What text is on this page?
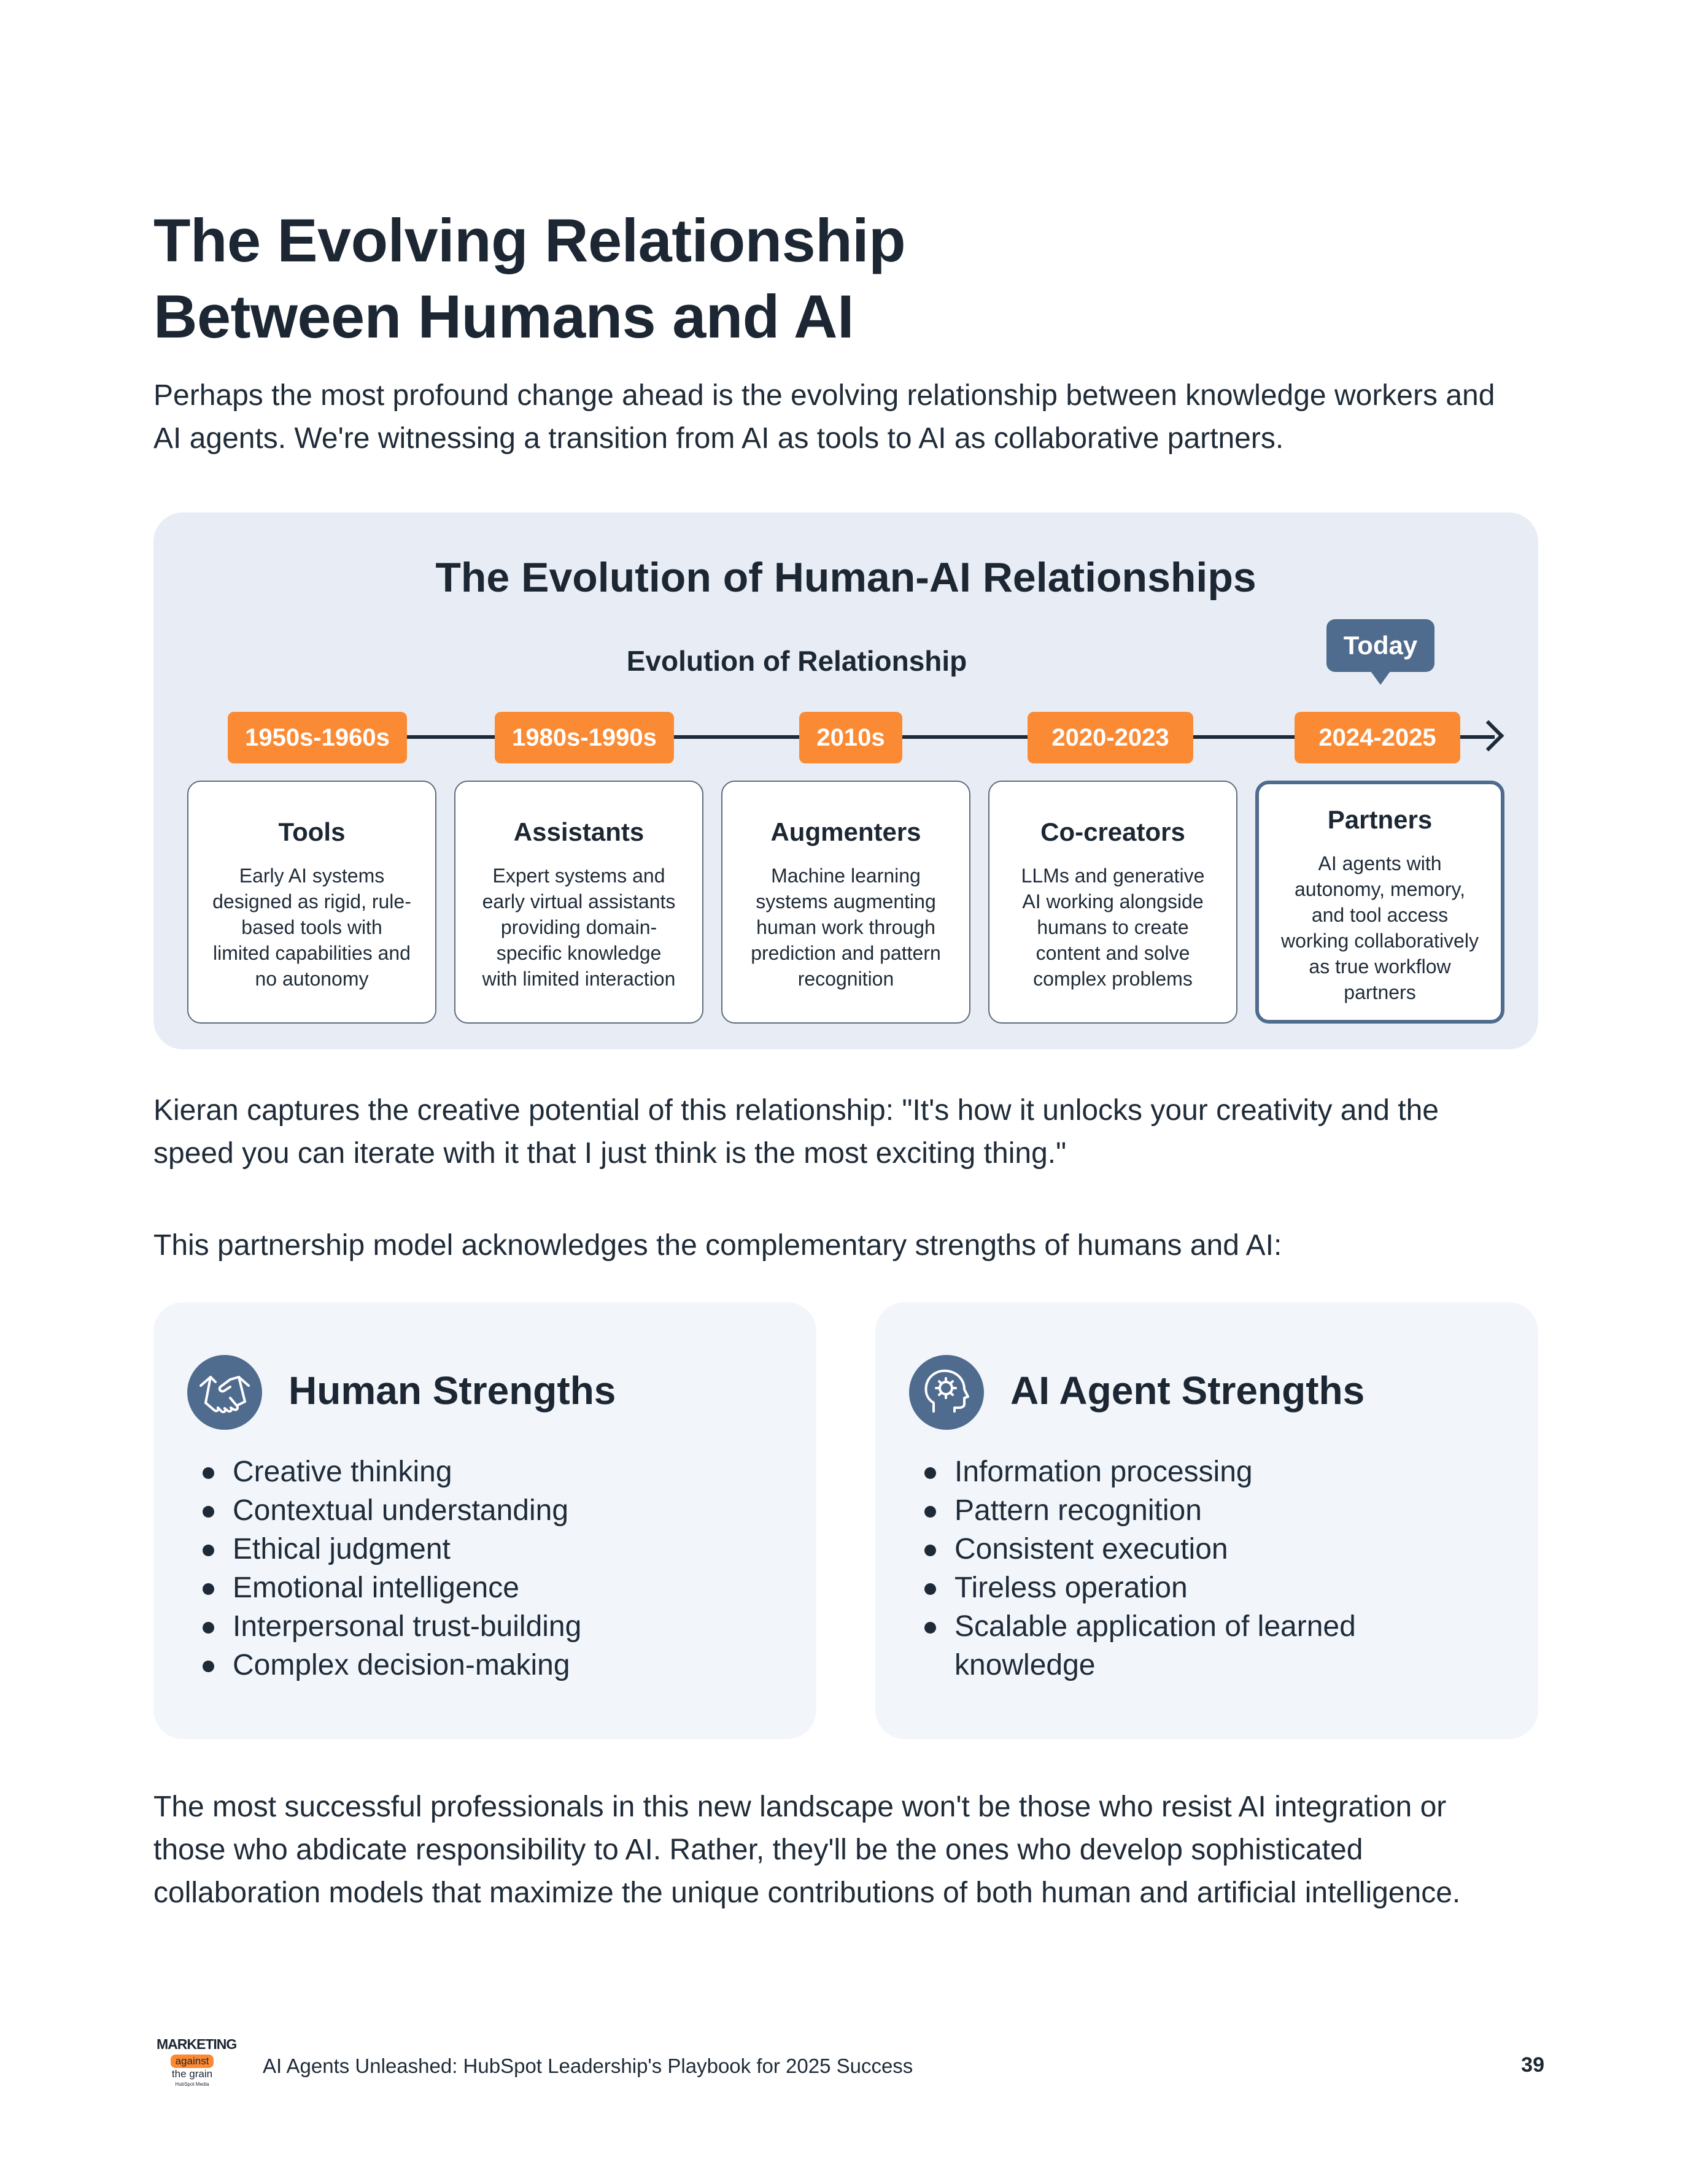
The Evolving Relationship
Between Humans and AI
Perhaps the most profound change ahead is the evolving relationship between knowledge workers and
AI agents. We're witnessing a transition from AI as tools to AI as collaborative partners.
The Evolution of Human-AI Relationships
Evolution of Relationship	Today
1950s-1960s	1980s-1990s	2010s	2020-2023	2024-2025
Tools
Early AI systems
designed as rigid, rule-
based tools with
limited capabilities and
no autonomy
Assistants
Expert systems and
early virtual assistants
providing domain-
specific knowledge
with limited interaction
Augmenters
Machine learning
systems augmenting
human work through
prediction and pattern
recognition
Co-creators
LLMs and generative
AI working alongside
humans to create
content and solve
complex problems
Partners
AI agents with
autonomy, memory,
and tool access
working collaboratively
as true workflow
partners
Kieran captures the creative potential of this relationship: "It's how it unlocks your creativity and the
speed you can iterate with it that I just think is the most exciting thing."
This partnership model acknowledges the complementary strengths of humans and AI:
Human Strengths
Creative thinking
Contextual understanding
Ethical judgment
Emotional intelligence
Interpersonal trust-building
Complex decision-making
AI Agent Strengths
Information processing
Pattern recognition
Consistent execution
Tireless operation
Scalable application of learned
knowledge
The most successful professionals in this new landscape won't be those who resist AI integration or
those who abdicate responsibility to AI. Rather, they'll be the ones who develop sophisticated
collaboration models that maximize the unique contributions of both human and artificial intelligence.
MARKETING
against
the grain
HubSpot Media
AI Agents Unleashed: HubSpot Leadership's Playbook for 2025 Success	39
